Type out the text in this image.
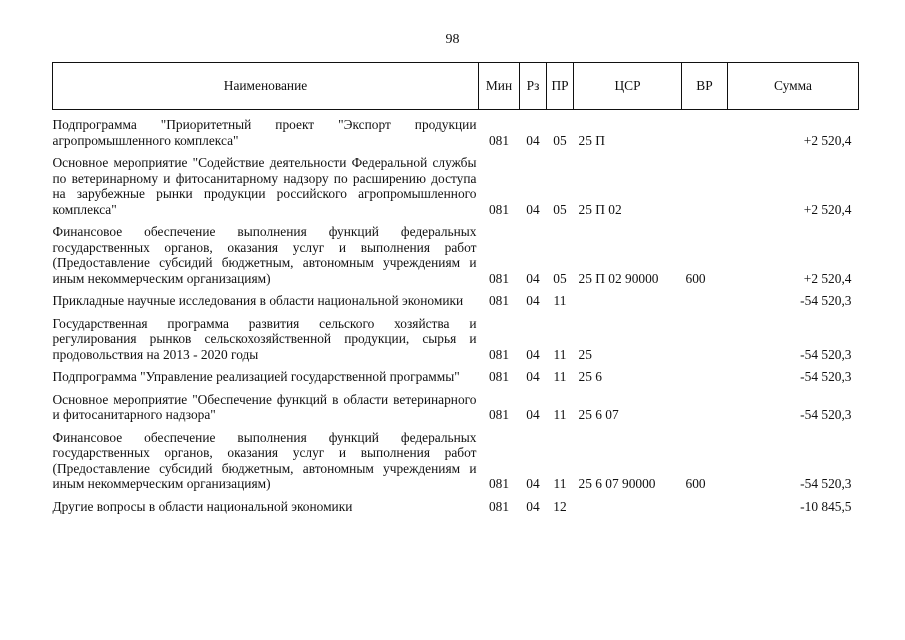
98
Наименование	Мин	Рз	ПР	ЦСР	ВР	Сумма
Подпрограмма "Приоритетный проект "Экспорт продукции агропромышленного комплекса"	081	04	05	25 П		+2 520,4
Основное мероприятие "Содействие деятельности Федеральной службы по ветеринарному и фитосанитарному надзору по расширению доступа на зарубежные рынки продукции российского агропромышленного комплекса"	081	04	05	25 П 02		+2 520,4
Финансовое обеспечение выполнения функций федеральных государственных органов, оказания услуг и выполнения работ (Предоставление субсидий бюджетным, автономным учреждениям и иным некоммерческим организациям)	081	04	05	25 П 02 90000	600	+2 520,4
Прикладные научные исследования в области национальной экономики	081	04	11			-54 520,3
Государственная программа развития сельского хозяйства и регулирования рынков сельскохозяйственной продукции, сырья и продовольствия на 2013 - 2020 годы	081	04	11	25		-54 520,3
Подпрограмма "Управление реализацией государственной программы"	081	04	11	25 6		-54 520,3
Основное мероприятие "Обеспечение функций в области ветеринарного и фитосанитарного надзора"	081	04	11	25 6 07		-54 520,3
Финансовое обеспечение выполнения функций федеральных государственных органов, оказания услуг и выполнения работ (Предоставление субсидий бюджетным, автономным учреждениям и иным некоммерческим организациям)	081	04	11	25 6 07 90000	600	-54 520,3
Другие вопросы в области национальной экономики	081	04	12			-10 845,5
